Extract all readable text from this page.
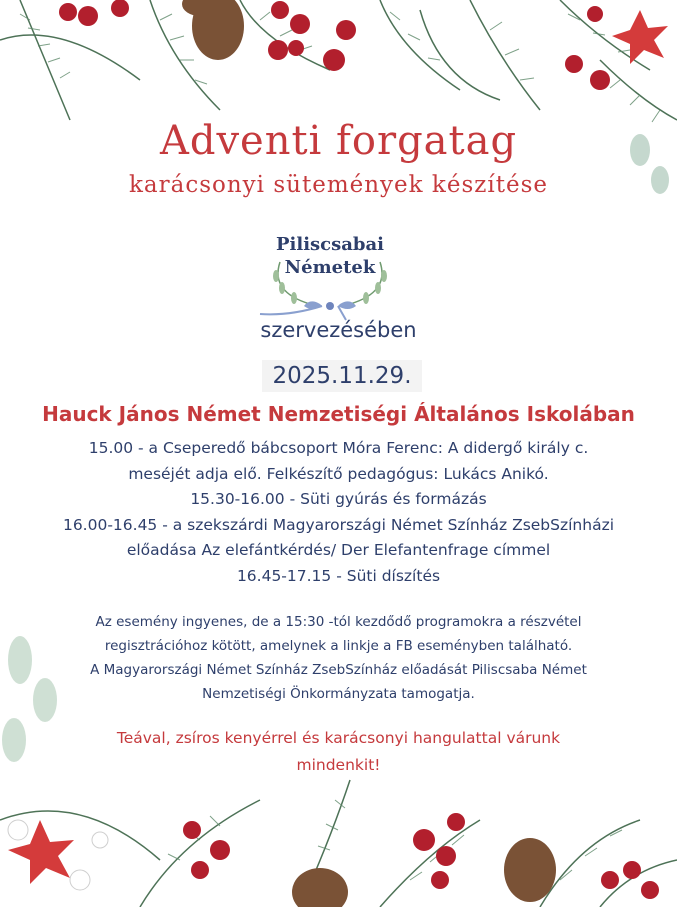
Adventi forgatag
karácsonyi sütemények készítése
Piliscsabai
Németek
szervezésében
2025.11.29.
Hauck János Német Nemzetiségi Általános Iskolában
15.00 - a Cseperedő bábcsoport Móra Ferenc: A didergő király c.
meséjét adja elő. Felkészítő pedagógus: Lukács Anikó.
15.30-16.00 - Süti gyúrás és formázás
16.00-16.45 - a szekszárdi Magyarországi Német Színház ZsebSzínházi
előadása Az elefántkérdés/ Der Elefantenfrage címmel
16.45-17.15 - Süti díszítés
Az esemény ingyenes, de a 15:30 -tól kezdődő programokra a részvétel
regisztrációhoz kötött, amelynek a linkje a FB eseményben található.
A Magyarországi Német Színház ZsebSzínház előadását Piliscsaba Német
Nemzetiségi Önkormányzata tamogatja.
Teával, zsíros kenyérrel és karácsonyi hangulattal várunk
mindenkit!
